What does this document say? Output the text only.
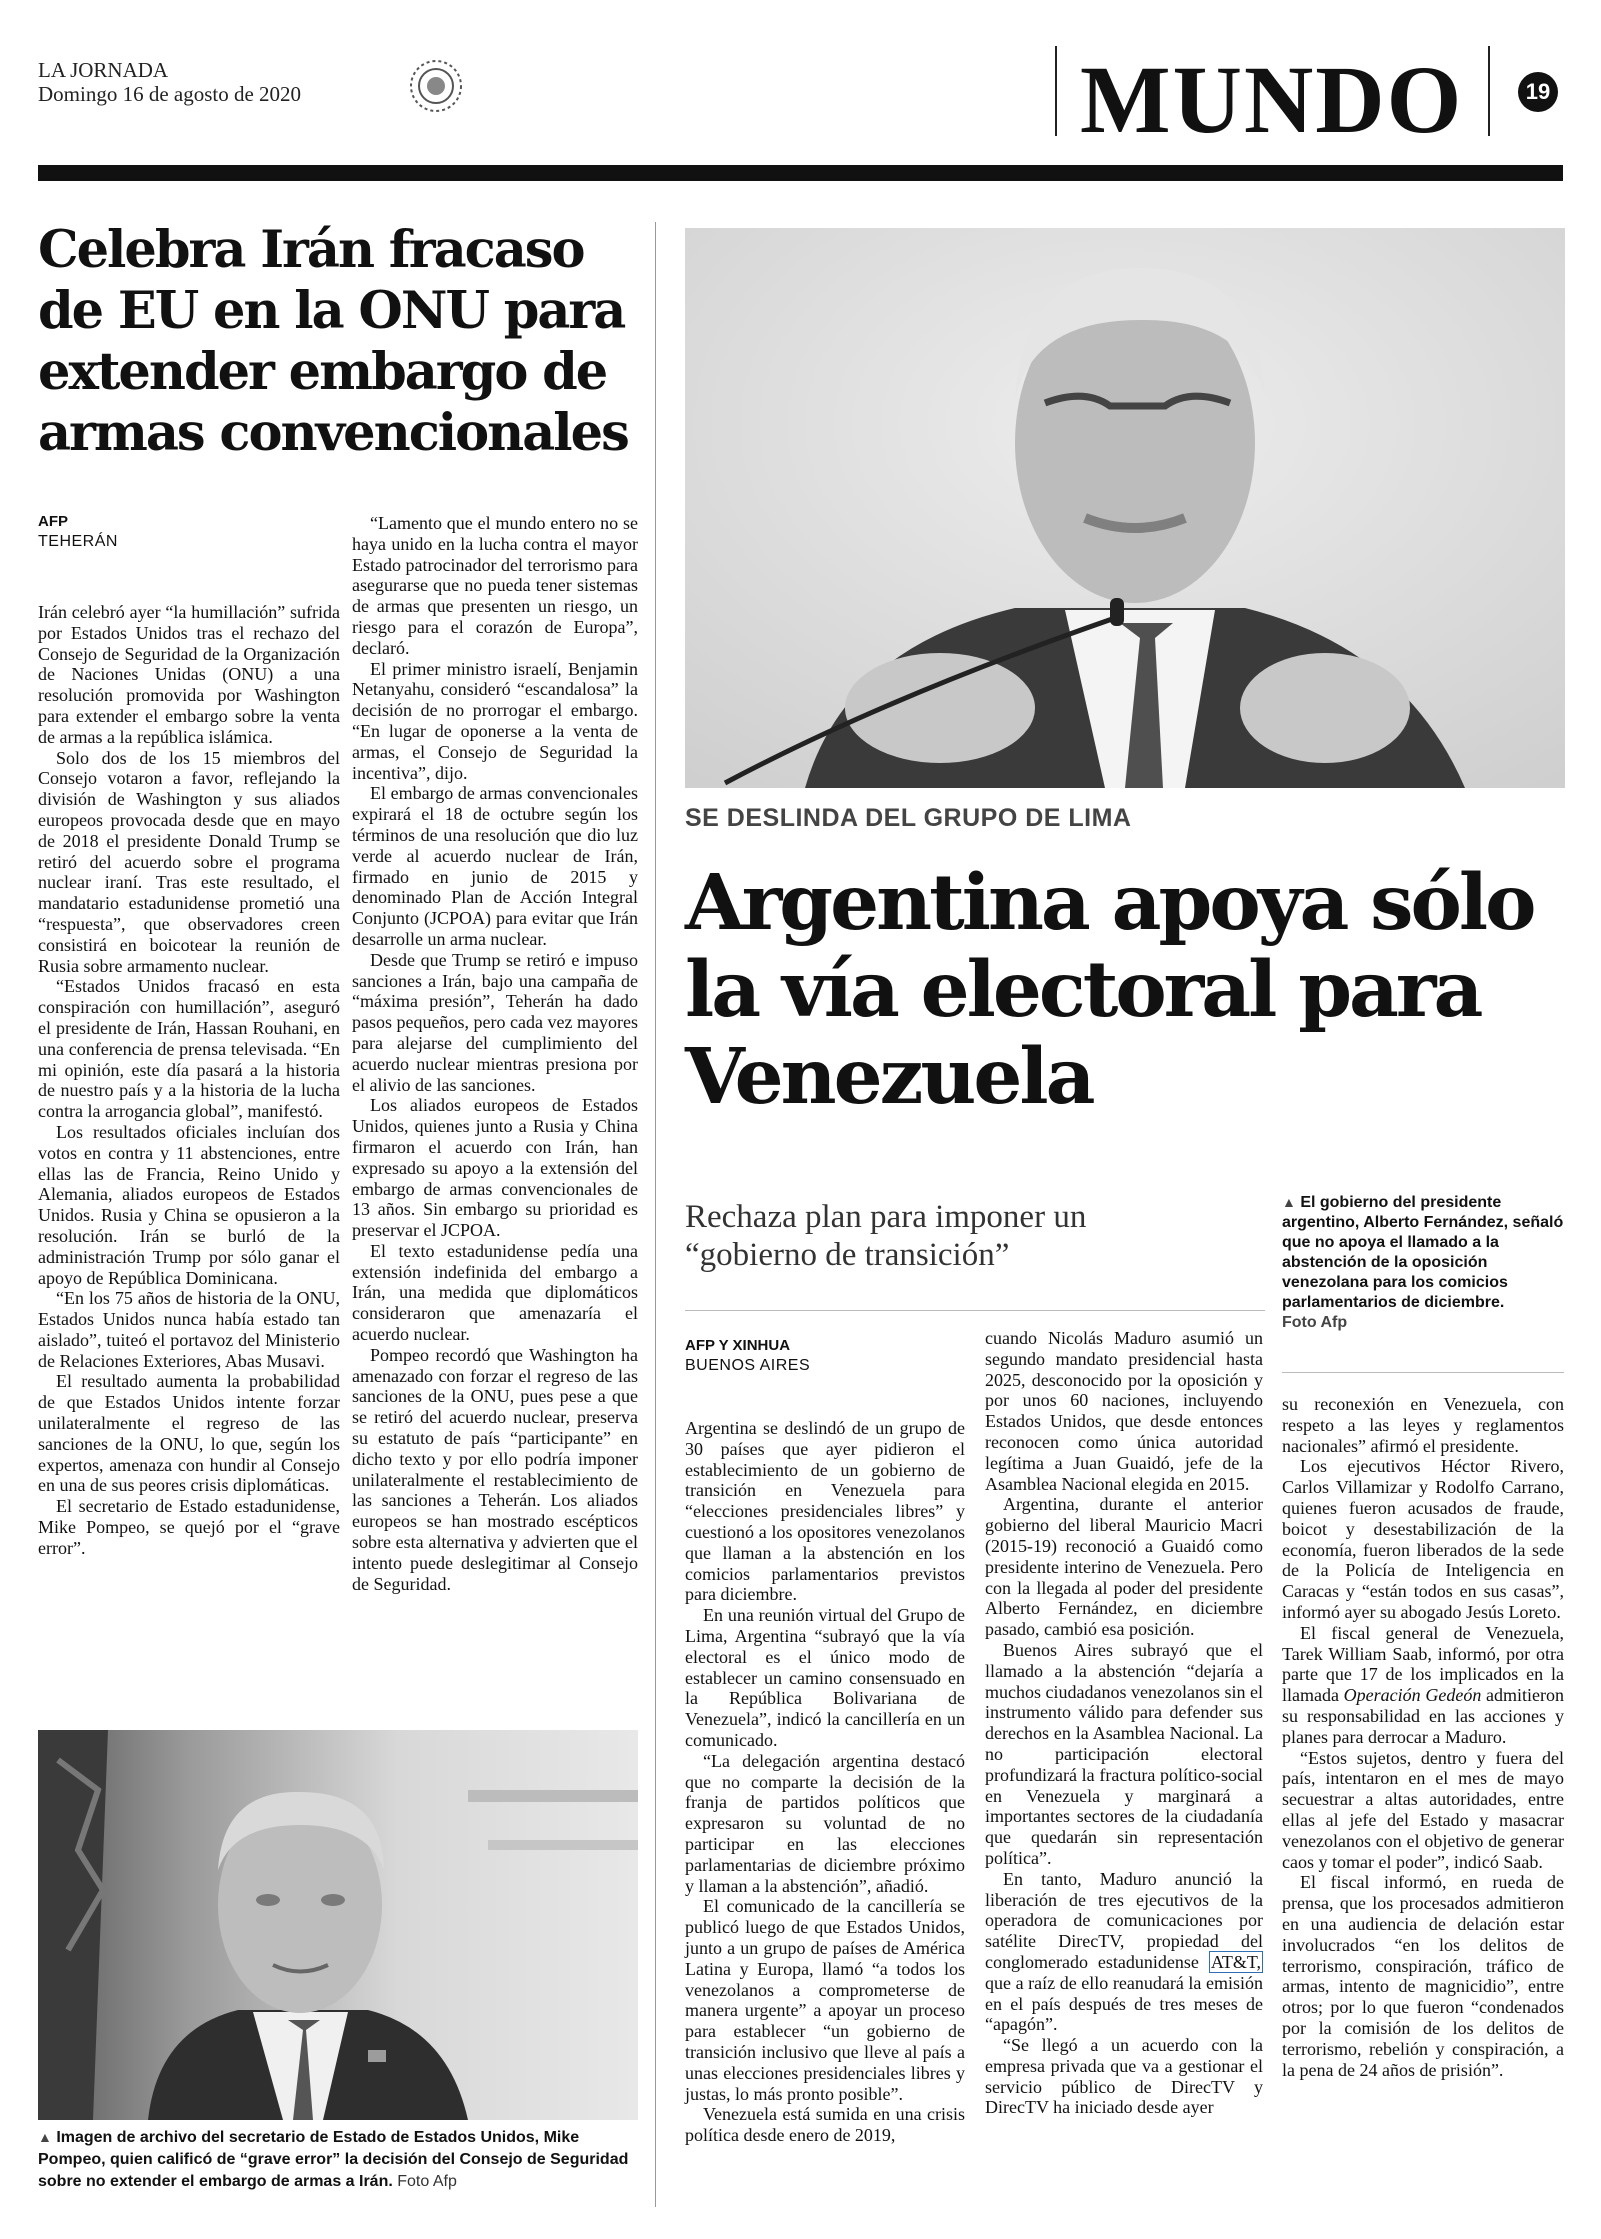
LA JORNADA
Domingo 16 de agosto de 2020	MUNDO	19
Celebra Irán fracaso de EU en la ONU para extender embargo de armas convencionales
AFP
TEHERÁN

Irán celebró ayer “la humillación” sufrida por Estados Unidos tras el rechazo del Consejo de Seguridad de la Organización de Naciones Unidas (ONU) a una resolución promovida por Washington para extender el embargo sobre la venta de armas a la república islámica.

Solo dos de los 15 miembros del Consejo votaron a favor, reflejando la división de Washington y sus aliados europeos provocada desde que en mayo de 2018 el presidente Donald Trump se retiró del acuerdo sobre el programa nuclear iraní. Tras este resultado, el mandatario estadunidense prometió una “respuesta”, que observadores creen consistirá en boicotear la reunión de Rusia sobre armamento nuclear.

“Estados Unidos fracasó en esta conspiración con humillación”, aseguró el presidente de Irán, Hassan Rouhani, en una conferencia de prensa televisada. “En mi opinión, este día pasará a la historia de nuestro país y a la historia de la lucha contra la arrogancia global”, manifestó.

Los resultados oficiales incluían dos votos en contra y 11 abstenciones, entre ellas las de Francia, Reino Unido y Alemania, aliados europeos de Estados Unidos. Rusia y China se opusieron a la resolución. Irán se burló de la administración Trump por sólo ganar el apoyo de República Dominicana.

“En los 75 años de historia de la ONU, Estados Unidos nunca había estado tan aislado”, tuiteó el portavoz del Ministerio de Relaciones Exteriores, Abas Musavi.

El resultado aumenta la probabilidad de que Estados Unidos intente forzar unilateralmente el regreso de las sanciones de la ONU, lo que, según los expertos, amenaza con hundir al Consejo en una de sus peores crisis diplomáticas.

El secretario de Estado estadunidense, Mike Pompeo, se quejó por el “grave error”.

“Lamento que el mundo entero no se haya unido en la lucha contra el mayor Estado patrocinador del terrorismo para asegurarse que no pueda tener sistemas de armas que presenten un riesgo, un riesgo para el corazón de Europa”, declaró.

El primer ministro israelí, Benjamin Netanyahu, consideró “escandalosa” la decisión de no prorrogar el embargo. “En lugar de oponerse a la venta de armas, el Consejo de Seguridad la incentiva”, dijo.

El embargo de armas convencionales expirará el 18 de octubre según los términos de una resolución que dio luz verde al acuerdo nuclear de Irán, firmado en junio de 2015 y denominado Plan de Acción Integral Conjunto (JCPOA) para evitar que Irán desarrolle un arma nuclear.

Desde que Trump se retiró e impuso sanciones a Irán, bajo una campaña de “máxima presión”, Teherán ha dado pasos pequeños, pero cada vez mayores para alejarse del cumplimiento del acuerdo nuclear mientras presiona por el alivio de las sanciones.

Los aliados europeos de Estados Unidos, quienes junto a Rusia y China firmaron el acuerdo con Irán, han expresado su apoyo a la extensión del embargo de armas convencionales de 13 años. Sin embargo su prioridad es preservar el JCPOA.

El texto estadunidense pedía una extensión indefinida del embargo a Irán, una medida que diplomáticos consideraron que amenazaría el acuerdo nuclear.

Pompeo recordó que Washington ha amenazado con forzar el regreso de las sanciones de la ONU, pues pese a que se retiró del acuerdo nuclear, preserva su estatuto de país “participante” en dicho texto y por ello podría imponer unilateralmente el restablecimiento de las sanciones a Teherán. Los aliados europeos se han mostrado escépticos sobre esta alternativa y advierten que el intento puede deslegitimar al Consejo de Seguridad.

▲ Imagen de archivo del secretario de Estado de Estados Unidos, Mike Pompeo, quien calificó de “grave error” la decisión del Consejo de Seguridad sobre no extender el embargo de armas a Irán. Foto Afp
SE DESLINDA DEL GRUPO DE LIMA
Argentina apoya sólo la vía electoral para Venezuela
Rechaza plan para imponer un “gobierno de transición”
▲ El gobierno del presidente argentino, Alberto Fernández, señaló que no apoya el llamado a la abstención de la oposición venezolana para los comicios parlamentarios de diciembre.
Foto Afp
AFP Y XINHUA
BUENOS AIRES

Argentina se deslindó de un grupo de 30 países que ayer pidieron el establecimiento de un gobierno de transición en Venezuela para “elecciones presidenciales libres” y cuestionó a los opositores venezolanos que llaman a la abstención en los comicios parlamentarios previstos para diciembre.

En una reunión virtual del Grupo de Lima, Argentina “subrayó que la vía electoral es el único modo de establecer un camino consensuado en la República Bolivariana de Venezuela”, indicó la cancillería en un comunicado.

“La delegación argentina destacó que no comparte la decisión de la franja de partidos políticos que expresaron su voluntad de no participar en las elecciones parlamentarias de diciembre próximo y llaman a la abstención”, añadió.

El comunicado de la cancillería se publicó luego de que Estados Unidos, junto a un grupo de países de América Latina y Europa, llamó “a todos los venezolanos a comprometerse de manera urgente” a apoyar un proceso para establecer “un gobierno de transición inclusivo que lleve al país a unas elecciones presidenciales libres y justas, lo más pronto posible”.

Venezuela está sumida en una crisis política desde enero de 2019,

cuando Nicolás Maduro asumió un segundo mandato presidencial hasta 2025, desconocido por la oposición y por unos 60 naciones, incluyendo Estados Unidos, que desde entonces reconocen como única autoridad legítima a Juan Guaidó, jefe de la Asamblea Nacional elegida en 2015.

Argentina, durante el anterior gobierno del liberal Mauricio Macri (2015-19) reconoció a Guaidó como presidente interino de Venezuela. Pero con la llegada al poder del presidente Alberto Fernández, en diciembre pasado, cambió esa posición.

Buenos Aires subrayó que el llamado a la abstención “dejaría a muchos ciudadanos venezolanos sin el instrumento válido para defender sus derechos en la Asamblea Nacional. La no participación electoral profundizará la fractura político-social en Venezuela y marginará a importantes sectores de la ciudadanía que quedarán sin representación política”.

En tanto, Maduro anunció la liberación de tres ejecutivos de la operadora de comunicaciones por satélite DirecTV, propiedad del conglomerado estadunidense AT&T, que a raíz de ello reanudará la emisión en el país después de tres meses de “apagón”.

“Se llegó a un acuerdo con la empresa privada que va a gestionar el servicio público de DirecTV y DirecTV ha iniciado desde ayer

su reconexión en Venezuela, con respeto a las leyes y reglamentos nacionales” afirmó el presidente.

Los ejecutivos Héctor Rivero, Carlos Villamizar y Rodolfo Carrano, quienes fueron acusados de fraude, boicot y desestabilización de la economía, fueron liberados de la sede de la Policía de Inteligencia en Caracas y “están todos en sus casas”, informó ayer su abogado Jesús Loreto.

El fiscal general de Venezuela, Tarek William Saab, informó, por otra parte que 17 de los implicados en la llamada Operación Gedeón admitieron su responsabilidad en las acciones y planes para derrocar a Maduro.

“Estos sujetos, dentro y fuera del país, intentaron en el mes de mayo secuestrar a altas autoridades, entre ellas al jefe del Estado y masacrar venezolanos con el objetivo de generar caos y tomar el poder”, indicó Saab.

El fiscal informó, en rueda de prensa, que los procesados admitieron en una audiencia de delación estar involucrados “en los delitos de terrorismo, conspiración, tráfico de armas, intento de magnicidio”, entre otros; por lo que fueron “condenados por la comisión de los delitos de terrorismo, rebelión y conspiración, a la pena de 24 años de prisión”.
